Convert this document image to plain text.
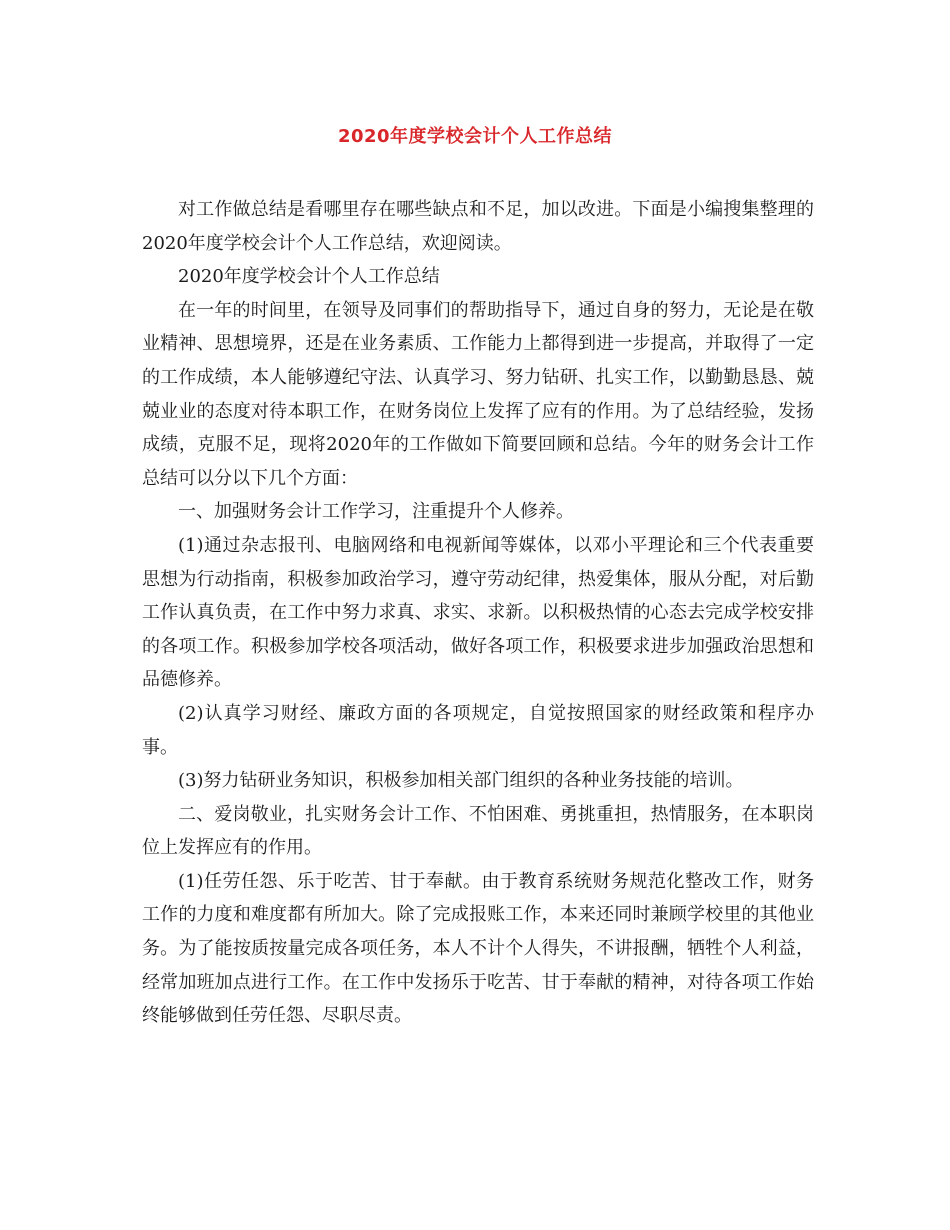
2020年度学校会计个人工作总结

对工作做总结是看哪里存在哪些缺点和不足，加以改进。下面是小编搜集整理的2020年度学校会计个人工作总结，欢迎阅读。

2020年度学校会计个人工作总结

在一年的时间里，在领导及同事们的帮助指导下，通过自身的努力，无论是在敬业精神、思想境界，还是在业务素质、工作能力上都得到进一步提高，并取得了一定的工作成绩，本人能够遵纪守法、认真学习、努力钻研、扎实工作，以勤勤恳恳、兢兢业业的态度对待本职工作，在财务岗位上发挥了应有的作用。为了总结经验，发扬成绩，克服不足，现将2020年的工作做如下简要回顾和总结。今年的财务会计工作总结可以分以下几个方面：

一、加强财务会计工作学习，注重提升个人修养。

(1)通过杂志报刊、电脑网络和电视新闻等媒体，以邓小平理论和三个代表重要思想为行动指南，积极参加政治学习，遵守劳动纪律，热爱集体，服从分配，对后勤工作认真负责，在工作中努力求真、求实、求新。以积极热情的心态去完成学校安排的各项工作。积极参加学校各项活动，做好各项工作，积极要求进步加强政治思想和品德修养。

(2)认真学习财经、廉政方面的各项规定，自觉按照国家的财经政策和程序办事。

(3)努力钻研业务知识，积极参加相关部门组织的各种业务技能的培训。

二、爱岗敬业，扎实财务会计工作、不怕困难、勇挑重担，热情服务，在本职岗位上发挥应有的作用。

(1)任劳任怨、乐于吃苦、甘于奉献。由于教育系统财务规范化整改工作，财务工作的力度和难度都有所加大。除了完成报账工作，本来还同时兼顾学校里的其他业务。为了能按质按量完成各项任务，本人不计个人得失，不讲报酬，牺牲个人利益，经常加班加点进行工作。在工作中发扬乐于吃苦、甘于奉献的精神，对待各项工作始终能够做到任劳任怨、尽职尽责。
